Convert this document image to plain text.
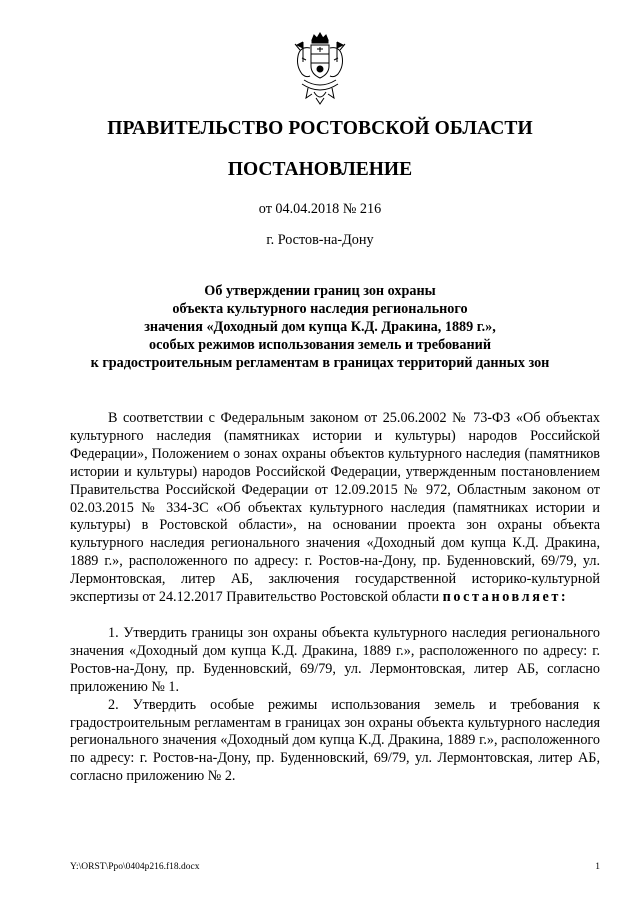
ПРАВИТЕЛЬСТВО РОСТОВСКОЙ ОБЛАСТИ
ПОСТАНОВЛЕНИЕ
от 04.04.2018 № 216
г. Ростов-на-Дону
Об утверждении границ зон охраны
объекта культурного наследия регионального
значения «Доходный дом купца К.Д. Дракина, 1889 г.»,
особых режимов использования земель и требований
к градостроительным регламентам в границах территорий данных зон

В соответствии с Федеральным законом от 25.06.2002 № 73-ФЗ «Об объектах культурного наследия (памятниках истории и культуры) народов Российской Федерации», Положением о зонах охраны объектов культурного наследия (памятников истории и культуры) народов Российской Федерации, утвержденным постановлением Правительства Российской Федерации от 12.09.2015 № 972, Областным законом от 02.03.2015 № 334-ЗС «Об объектах культурного наследия (памятниках истории и культуры) в Ростовской области», на основании проекта зон охраны объекта культурного наследия регионального значения «Доходный дом купца К.Д. Дракина, 1889 г.», расположенного по адресу: г. Ростов-на-Дону, пр. Буденновский, 69/79, ул. Лермонтовская, литер АБ, заключения государственной историко-культурной экспертизы от 24.12.2017 Правительство Ростовской области постановляет:

1. Утвердить границы зон охраны объекта культурного наследия регионального значения «Доходный дом купца К.Д. Дракина, 1889 г.», расположенного по адресу: г. Ростов-на-Дону, пр. Буденновский, 69/79, ул. Лермонтовская, литер АБ, согласно приложению № 1.

2. Утвердить особые режимы использования земель и требования к градостроительным регламентам в границах зон охраны объекта культурного наследия регионального значения «Доходный дом купца К.Д. Дракина, 1889 г.», расположенного по адресу: г. Ростов-на-Дону, пр. Буденновский, 69/79, ул. Лермонтовская, литер АБ, согласно приложению № 2.

Y:\ORST\Ppo\0404p216.f18.docx	1
